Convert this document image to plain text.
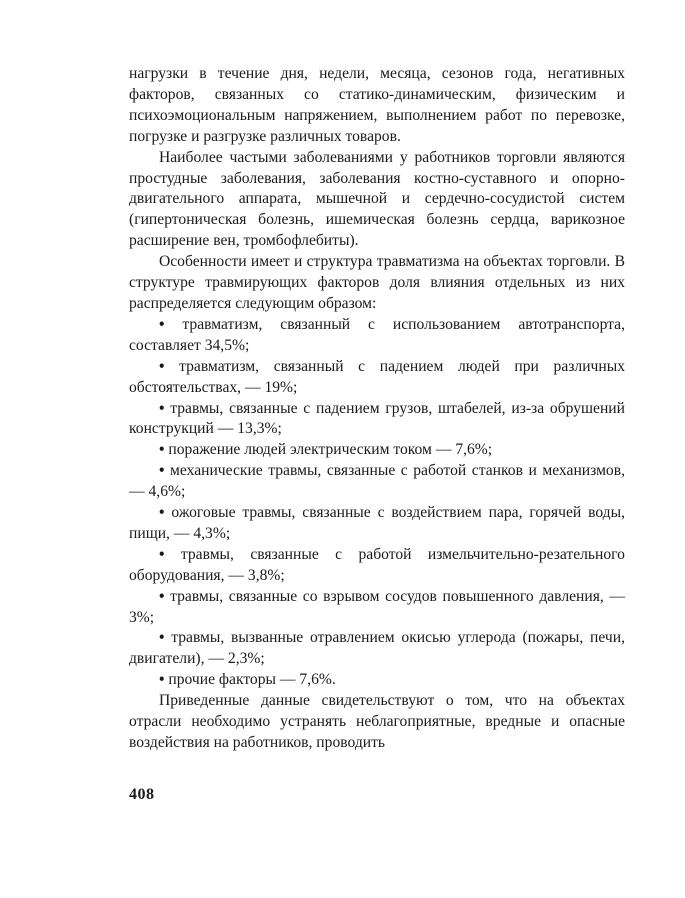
нагрузки в течение дня, недели, месяца, сезонов года, негативных факторов, связанных со статико-динамическим, физическим и психоэмоциональным напряжением, выполнением работ по перевозке, погрузке и разгрузке различных товаров.

Наиболее частыми заболеваниями у работников торговли являются простудные заболевания, заболевания костно-суставного и опорно-двигательного аппарата, мышечной и сердечно-сосудистой систем (гипертоническая болезнь, ишемическая болезнь сердца, варикозное расширение вен, тромбофлебиты).

Особенности имеет и структура травматизма на объектах торговли. В структуре травмирующих факторов доля влияния отдельных из них распределяется следующим образом:

• травматизм, связанный с использованием автотранспорта, составляет 34,5%;

• травматизм, связанный с падением людей при различных обстоятельствах, — 19%;

• травмы, связанные с падением грузов, штабелей, из-за обрушений конструкций — 13,3%;

• поражение людей электрическим током — 7,6%;

• механические травмы, связанные с работой станков и механизмов, — 4,6%;

• ожоговые травмы, связанные с воздействием пара, горячей воды, пищи, — 4,3%;

• травмы, связанные с работой измельчительно-резательного оборудования, — 3,8%;

• травмы, связанные со взрывом сосудов повышенного давления, — 3%;

• травмы, вызванные отравлением окисью углерода (пожары, печи, двигатели), — 2,3%;

• прочие факторы — 7,6%.

Приведенные данные свидетельствуют о том, что на объектах отрасли необходимо устранять неблагоприятные, вредные и опасные воздействия на работников, проводить

408
